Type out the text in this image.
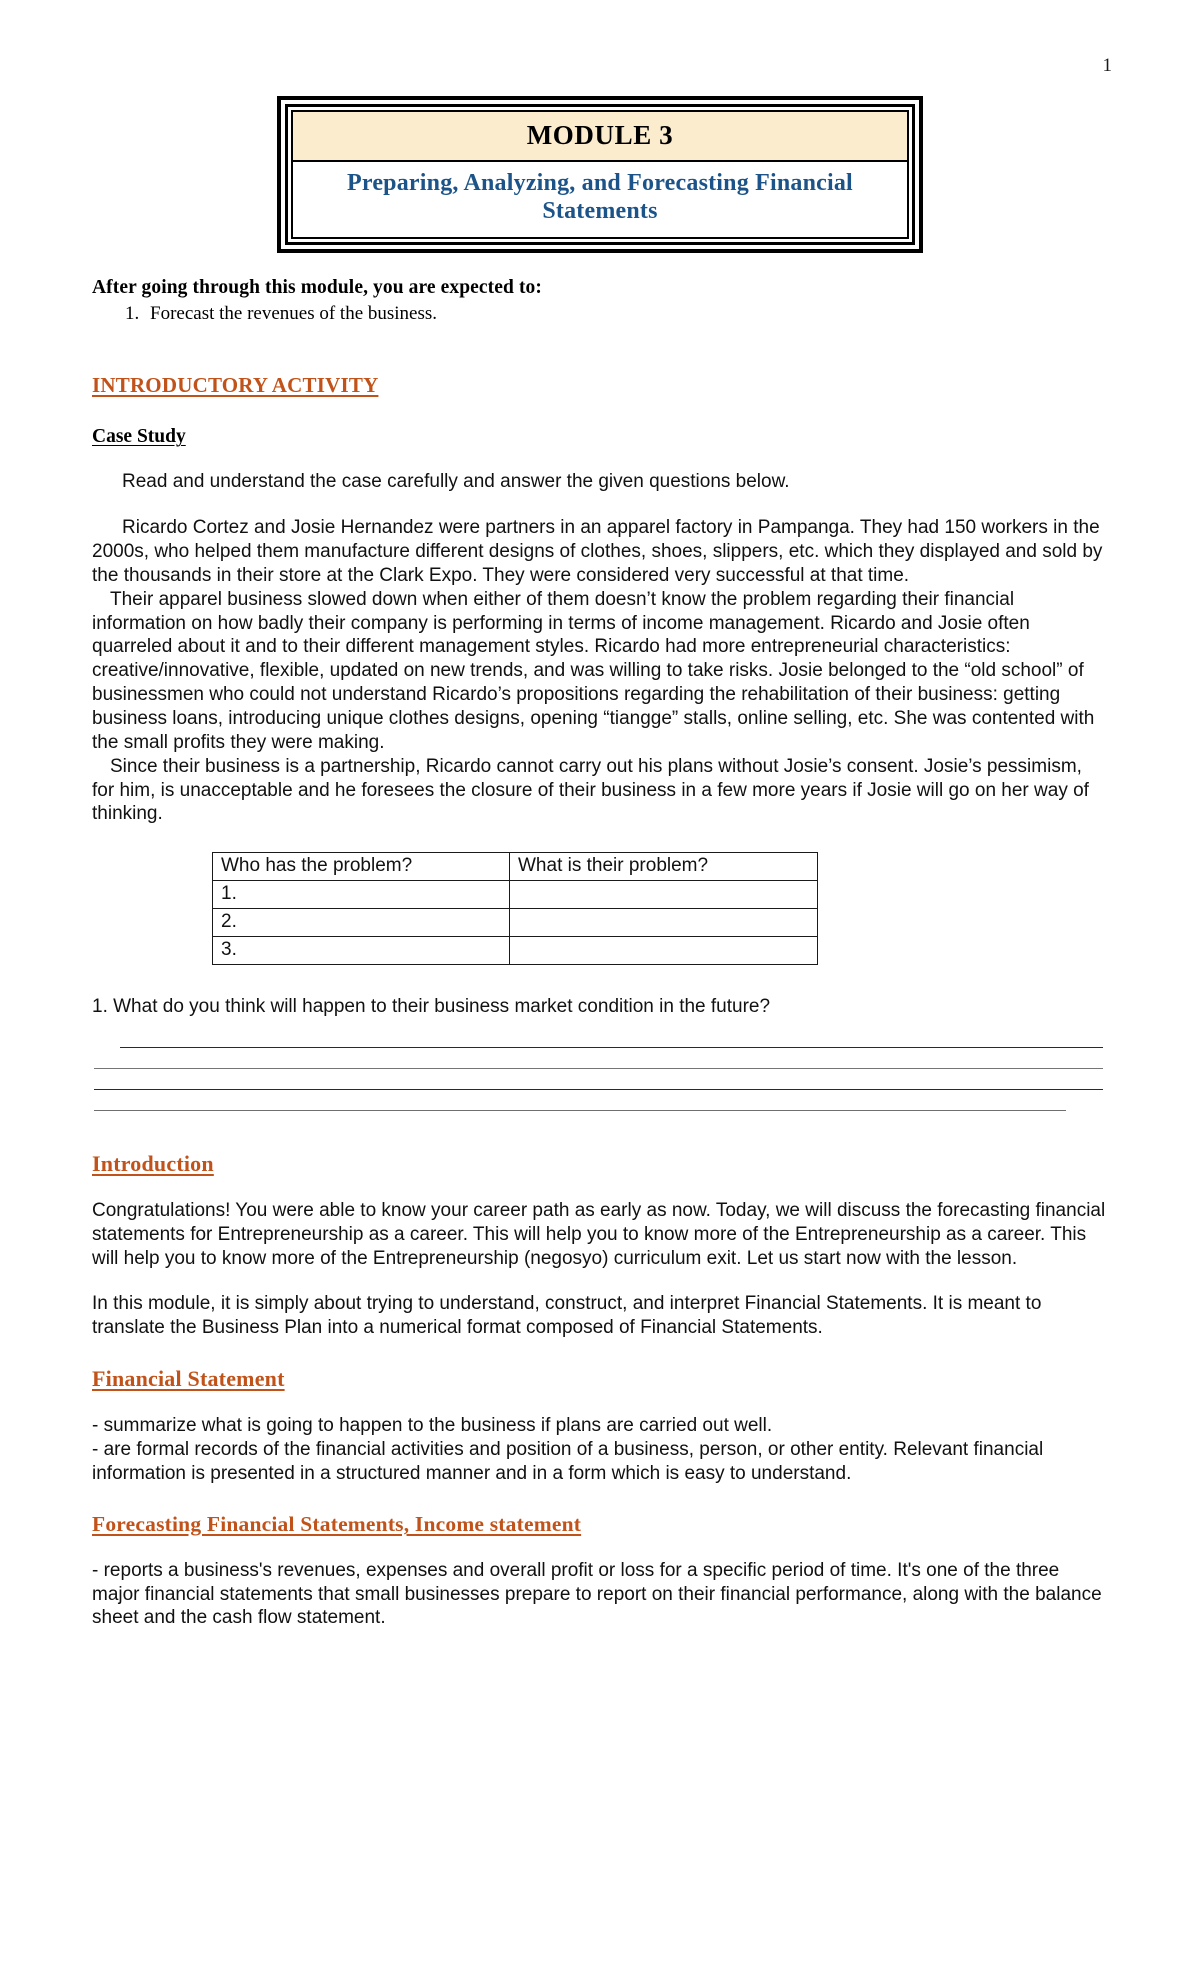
1
MODULE 3
Preparing, Analyzing, and Forecasting Financial Statements
After going through this module, you are expected to:
1. Forecast the revenues of the business.
INTRODUCTORY ACTIVITY
Case Study

Read and understand the case carefully and answer the given questions below.

Ricardo Cortez and Josie Hernandez were partners in an apparel factory in Pampanga. They had 150 workers in the 2000s, who helped them manufacture different designs of clothes, shoes, slippers, etc. which they displayed and sold by the thousands in their store at the Clark Expo. They were considered very successful at that time.

Their apparel business slowed down when either of them doesn’t know the problem regarding their financial information on how badly their company is performing in terms of income management. Ricardo and Josie often quarreled about it and to their different management styles. Ricardo had more entrepreneurial characteristics: creative/innovative, flexible, updated on new trends, and was willing to take risks. Josie belonged to the “old school” of businessmen who could not understand Ricardo’s propositions regarding the rehabilitation of their business: getting business loans, introducing unique clothes designs, opening “tiangge” stalls, online selling, etc. She was contented with the small profits they were making.

Since their business is a partnership, Ricardo cannot carry out his plans without Josie’s consent. Josie’s pessimism, for him, is unacceptable and he foresees the closure of their business in a few more years if Josie will go on her way of thinking.

Who has the problem?	What is their problem?
1.	
2.	
3.	
1. What do you think will happen to their business market condition in the future?
Introduction

Congratulations! You were able to know your career path as early as now. Today, we will discuss the forecasting financial statements for Entrepreneurship as a career. This will help you to know more of the Entrepreneurship as a career. This will help you to know more of the Entrepreneurship (negosyo) curriculum exit. Let us start now with the lesson.

In this module, it is simply about trying to understand, construct, and interpret Financial Statements. It is meant to translate the Business Plan into a numerical format composed of Financial Statements.

Financial Statement

- summarize what is going to happen to the business if plans are carried out well.

- are formal records of the financial activities and position of a business, person, or other entity. Relevant financial information is presented in a structured manner and in a form which is easy to understand.

Forecasting Financial Statements, Income statement

- reports a business's revenues, expenses and overall profit or loss for a specific period of time. It's one of the three major financial statements that small businesses prepare to report on their financial performance, along with the balance sheet and the cash flow statement.
